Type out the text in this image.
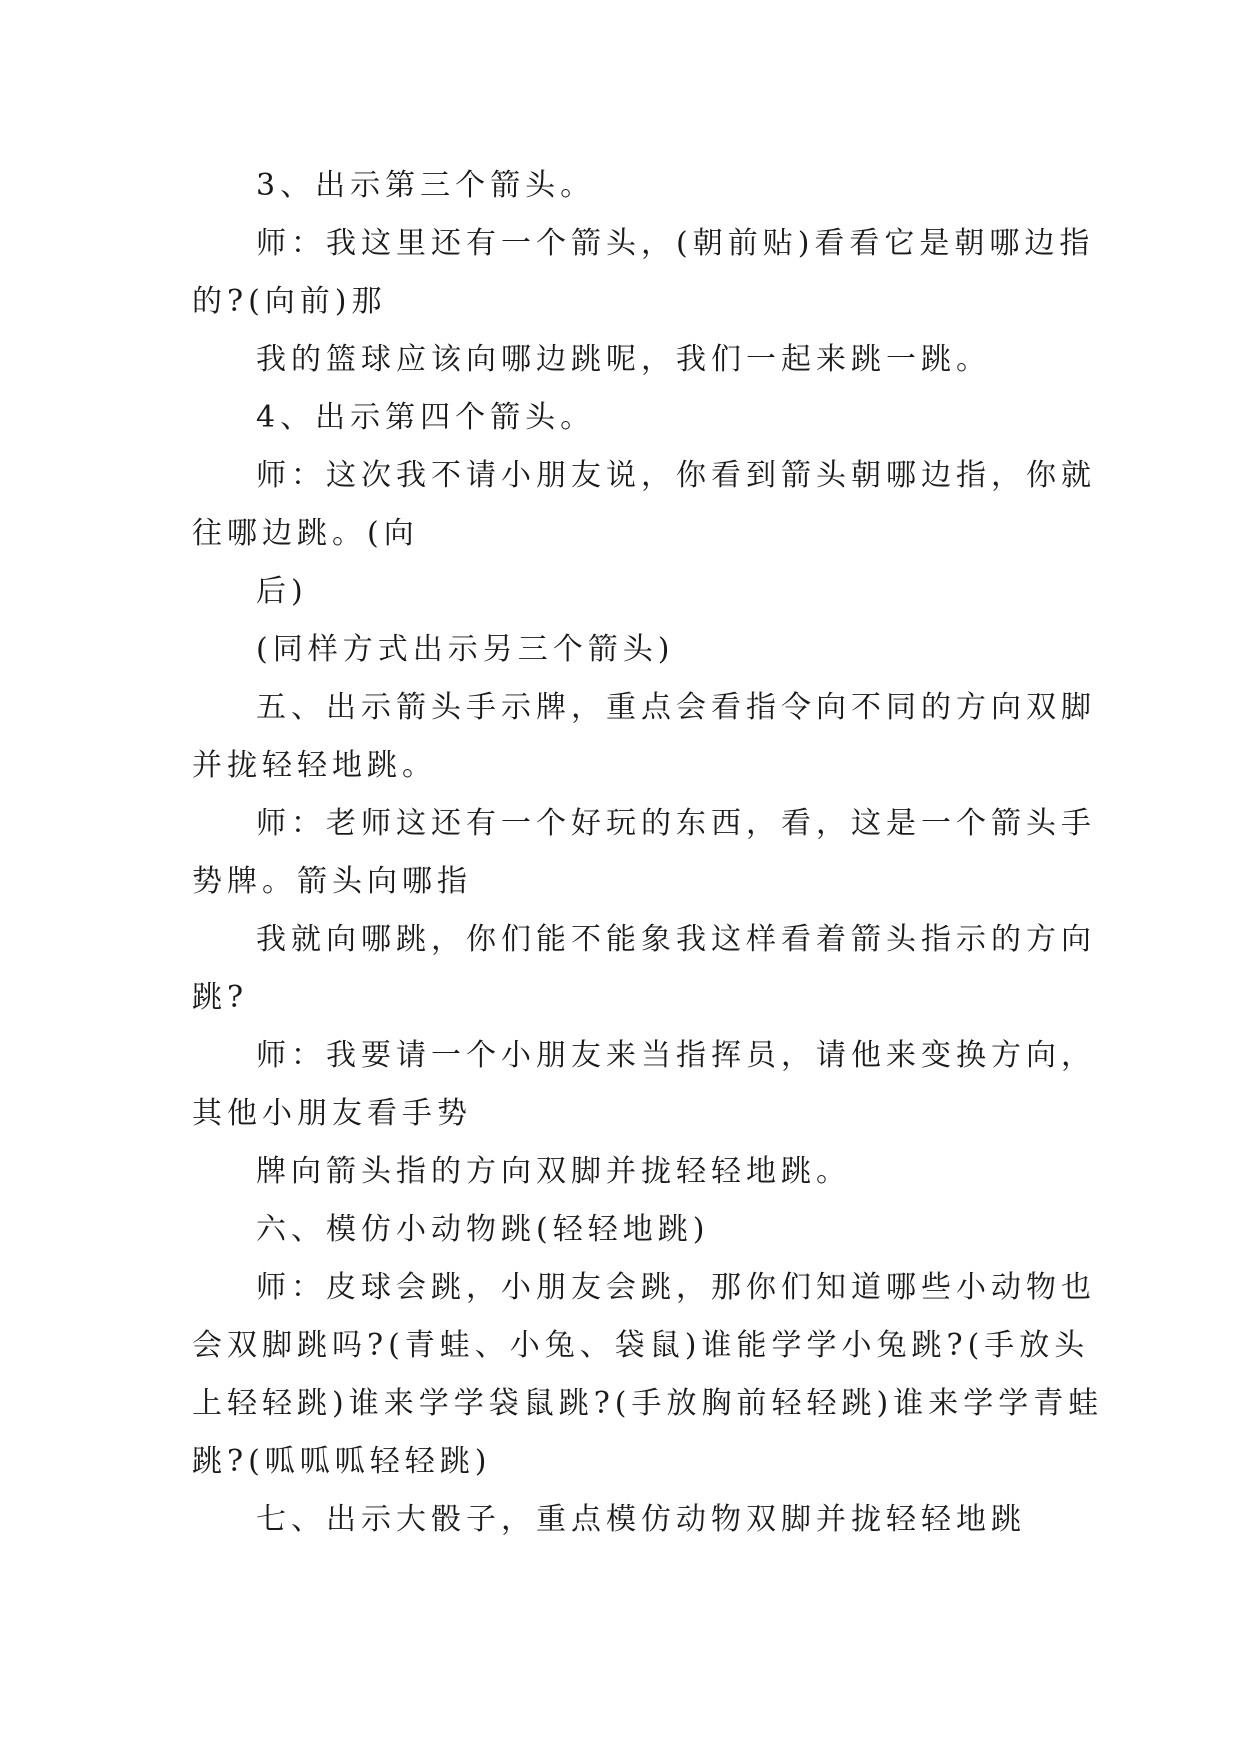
3、出示第三个箭头。
师：我这里还有一个箭头，(朝前贴)看看它是朝哪边指
的?(向前)那
我的篮球应该向哪边跳呢，我们一起来跳一跳。
4、出示第四个箭头。
师：这次我不请小朋友说，你看到箭头朝哪边指，你就
往哪边跳。(向
后)
(同样方式出示另三个箭头)
五、出示箭头手示牌，重点会看指令向不同的方向双脚
并拢轻轻地跳。
师：老师这还有一个好玩的东西，看，这是一个箭头手
势牌。箭头向哪指
我就向哪跳，你们能不能象我这样看着箭头指示的方向
跳?
师：我要请一个小朋友来当指挥员，请他来变换方向，
其他小朋友看手势
牌向箭头指的方向双脚并拢轻轻地跳。
六、模仿小动物跳(轻轻地跳)
师：皮球会跳，小朋友会跳，那你们知道哪些小动物也
会双脚跳吗?(青蛙、小兔、袋鼠)谁能学学小兔跳?(手放头
上轻轻跳)谁来学学袋鼠跳?(手放胸前轻轻跳)谁来学学青蛙
跳?(呱呱呱轻轻跳)
七、出示大骰子，重点模仿动物双脚并拢轻轻地跳
